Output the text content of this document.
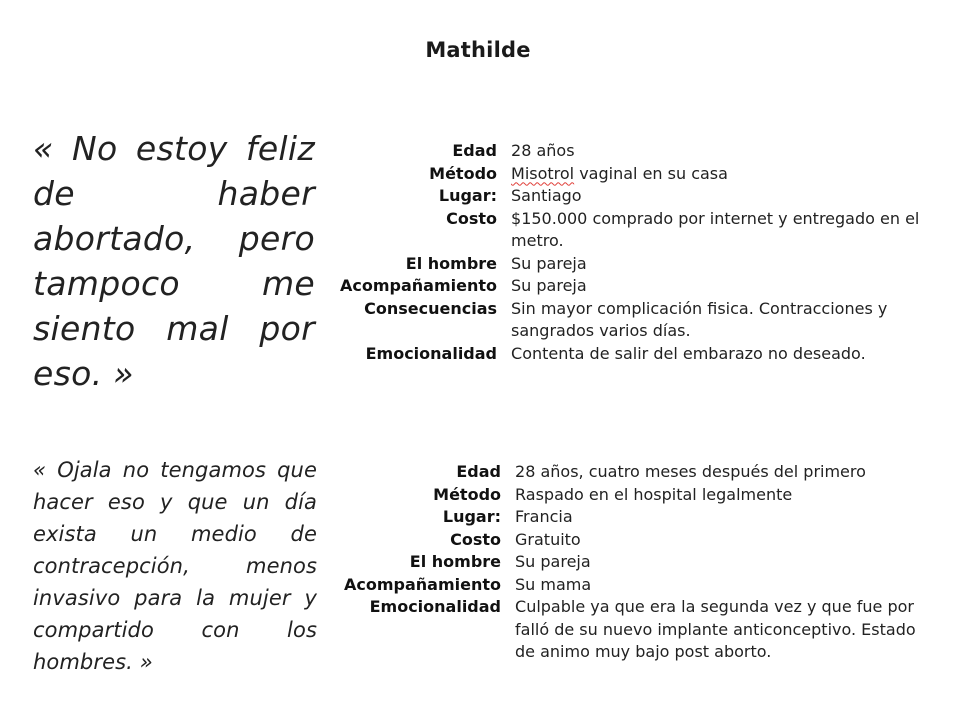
Mathilde
« No estoy feliz de haber abortado, pero tampoco me siento mal por eso. »
Edad	28 años
Método	Misotrol vaginal en su casa
Lugar:	Santiago
Costo	$150.000 comprado por internet y entregado en el metro.
El hombre	Su pareja
Acompañamiento	Su pareja
Consecuencias	Sin mayor complicación fisica. Contracciones y sangrados varios días.
Emocionalidad	Contenta de salir del embarazo no deseado.
« Ojala no tengamos que hacer eso y que un día exista un medio de contracepción, menos invasivo para la mujer y compartido con los hombres. »
Edad	28 años, cuatro meses después del primero
Método	Raspado en el hospital legalmente
Lugar:	Francia
Costo	Gratuito
El hombre	Su pareja
Acompañamiento	Su mama
Emocionalidad	Culpable ya que era la segunda vez y que fue por falló de su nuevo implante anticonceptivo. Estado de animo muy bajo post aborto.
